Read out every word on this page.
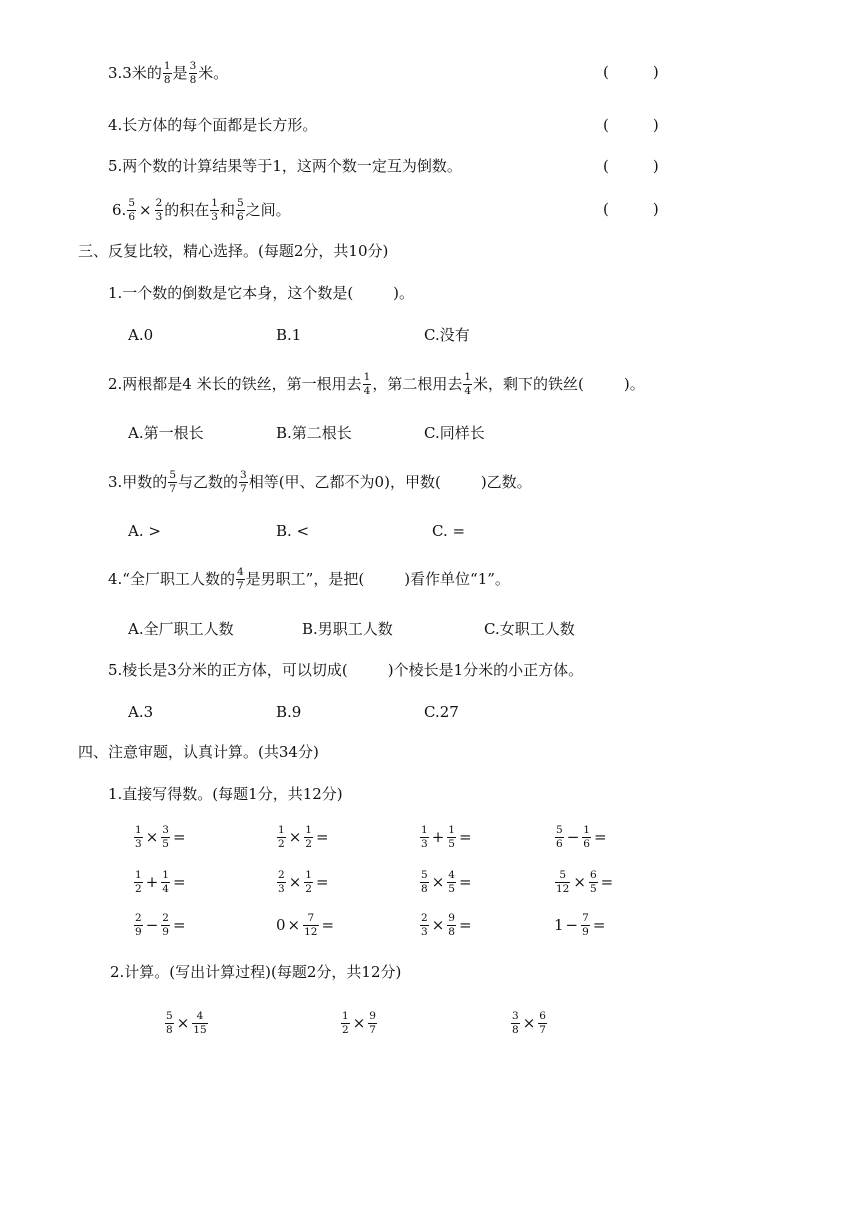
3.3米的 $\frac{1}{8}$ 是 $\frac{3}{8}$ 米。	(	)
4.长方体的每个面都是长方形。	(	)
5.两个数的计算结果等于1，这两个数一定互为倒数。	(	)
6. $\frac{5}{6} \times \frac{2}{3}$ 的积在 $\frac{1}{3}$ 和 $\frac{5}{6}$ 之间。	(	)
三、反复比较，精心选择。(每题2分，共10分)
1.一个数的倒数是它本身，这个数是(	)。
A.0	B.1	C.没有
2.两根都是4 米长的铁丝，第一根用去 $\frac{1}{4}$ ，第二根用去 $\frac{1}{4}$ 米，剩下的铁丝(	)。
A.第一根长	B.第二根长	C.同样长
3.甲数的 $\frac{5}{7}$ 与乙数的 $\frac{3}{7}$ 相等(甲、乙都不为0)，甲数(	)乙数。
A. >	B. <	C. =
4.“全厂职工人数的 $\frac{4}{7}$ 是男职工”，是把(	)看作单位“1”。
A.全厂职工人数	B.男职工人数	C.女职工人数
5.棱长是3分米的正方体，可以切成(	)个棱长是1分米的小正方体。
A.3	B.9	C.27
四、注意审题，认真计算。(共34分)
1.直接写得数。(每题1分，共12分)
$\frac{1}{3} \times \frac{3}{5}$ =	$\frac{1}{2} \times \frac{1}{2}$ =	$\frac{1}{3} + \frac{1}{5}$ =	$\frac{5}{6} - \frac{1}{6}$ =
$\frac{1}{2} + \frac{1}{4}$ =	$\frac{2}{3} \times \frac{1}{2}$ =	$\frac{5}{8} \times \frac{4}{5}$ =	$\frac{5}{12} \times \frac{6}{5}$ =
$\frac{2}{9} - \frac{2}{9}$ =	$0 \times \frac{7}{12}$ =	$\frac{2}{3} \times \frac{9}{8}$ =	$1 - \frac{7}{9}$ =
2.计算。(写出计算过程)(每题2分，共12分)
$\frac{5}{8} \times \frac{4}{15}$	$\frac{1}{2} \times \frac{9}{7}$	$\frac{3}{8} \times \frac{6}{7}$
